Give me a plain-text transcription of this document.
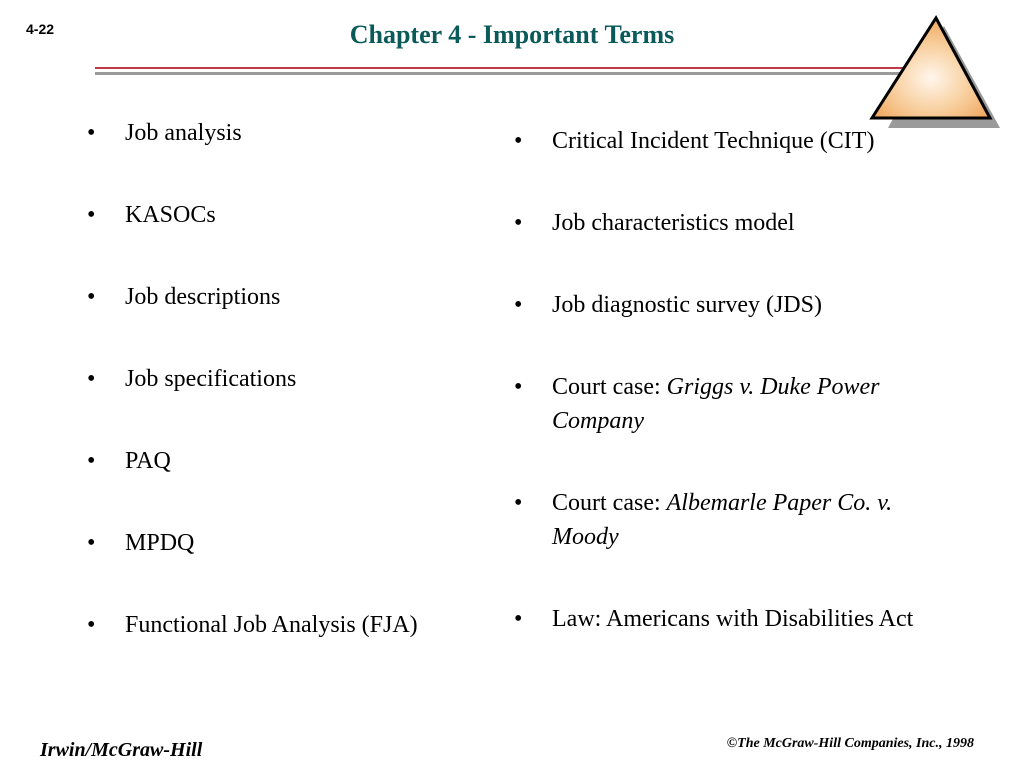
4-22	Chapter 4 - Important Terms
• Job analysis
• KASOCs
• Job descriptions
• Job specifications
• PAQ
• MPDQ
• Functional Job Analysis (FJA)
• Critical Incident Technique (CIT)
• Job characteristics model
• Job diagnostic survey (JDS)
• Court case: Griggs v. Duke Power Company
• Court case: Albemarle Paper Co. v. Moody
• Law: Americans with Disabilities Act
Irwin/McGraw-Hill	©The McGraw-Hill Companies, Inc., 1998
